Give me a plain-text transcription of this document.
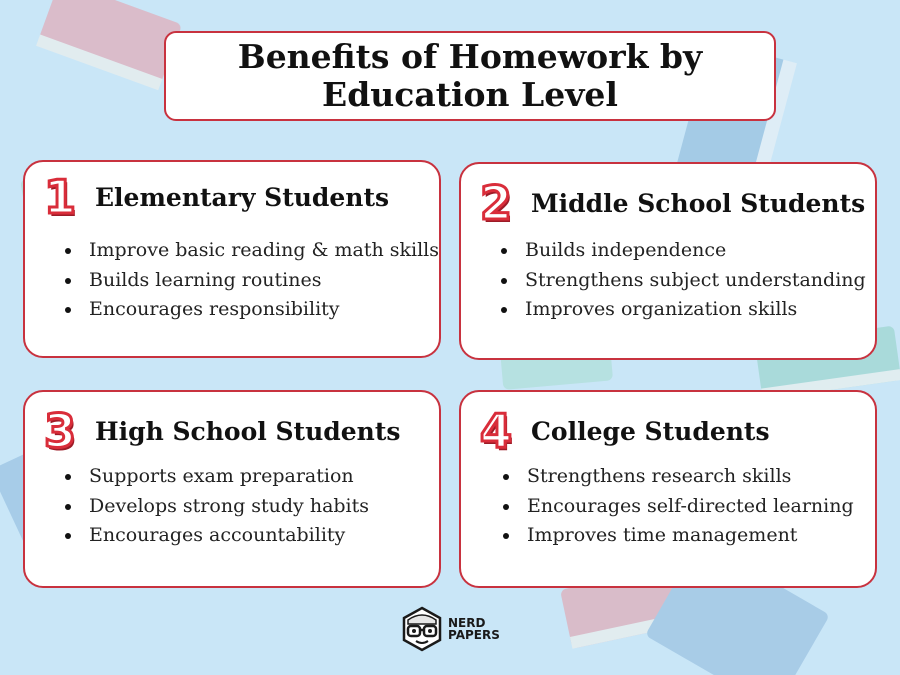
Benefits of Homework by
Education Level
1 Elementary Students
• Improve basic reading & math skills
• Builds learning routines
• Encourages responsibility
2 Middle School Students
• Builds independence
• Strengthens subject understanding
• Improves organization skills
3 High School Students
• Supports exam preparation
• Develops strong study habits
• Encourages accountability
4 College Students
• Strengthens research skills
• Encourages self-directed learning
• Improves time management
NERD
PAPERS
